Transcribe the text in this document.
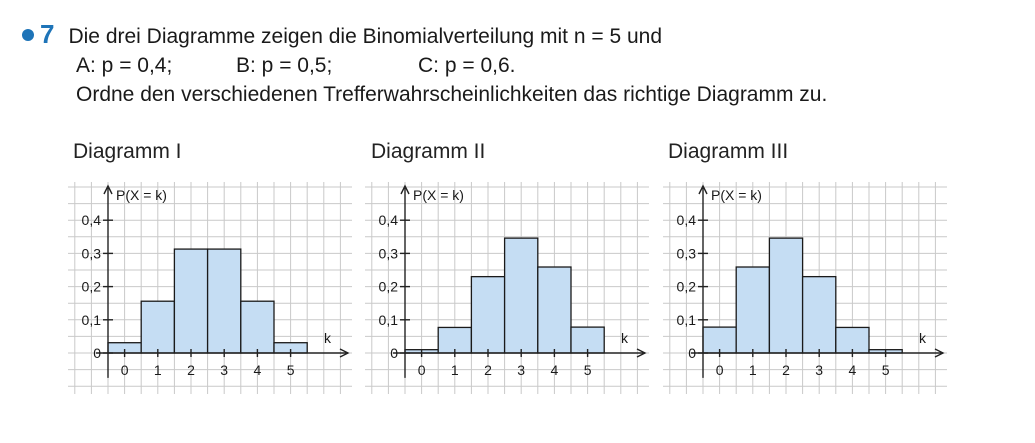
7 Die drei Diagramme zeigen die Binomialverteilung mit n = 5 und
A: p = 0,4;	B: p = 0,5;	C: p = 0,6.
Ordne den verschiedenen Trefferwahrscheinlichkeiten das richtige Diagramm zu.
Diagramm I	Diagramm II	Diagramm III
0
0,1
0,2
0,3
0,4
0 1 2 3 4 5
P(X = k)
k
0
0,1
0,2
0,3
0,4
0 1 2 3 4 5
P(X = k)
k
0
0,1
0,2
0,3
0,4
0 1 2 3 4 5
P(X = k)
k
